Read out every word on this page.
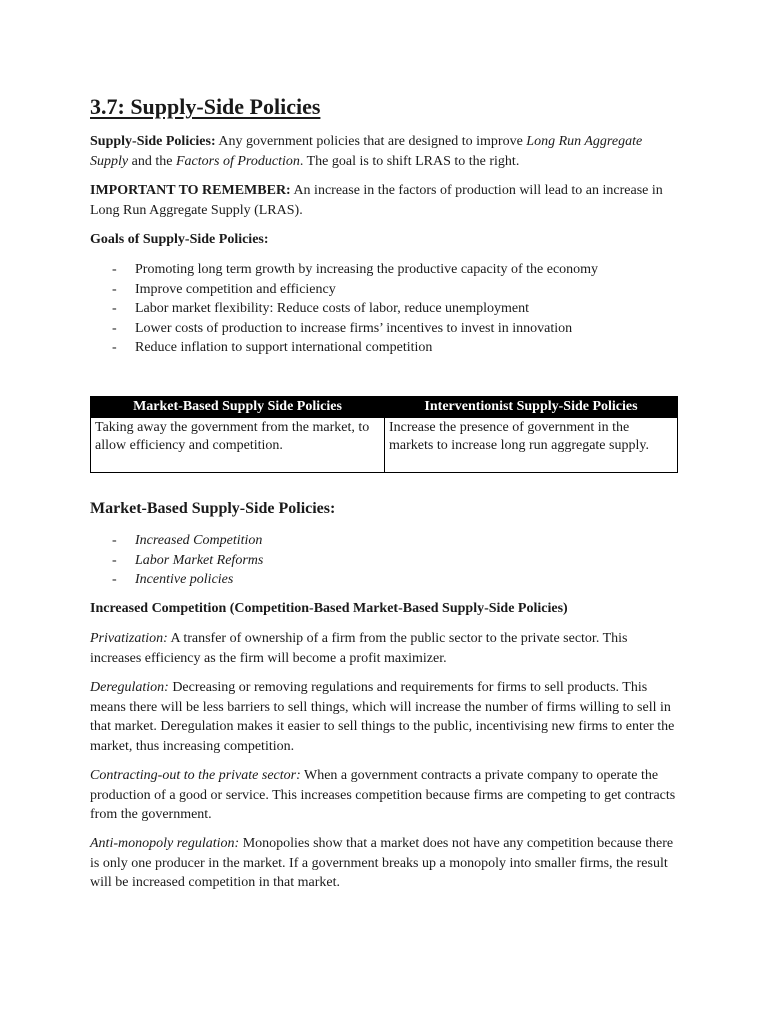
3.7: Supply-Side Policies

Supply-Side Policies: Any government policies that are designed to improve Long Run Aggregate Supply and the Factors of Production. The goal is to shift LRAS to the right.

IMPORTANT TO REMEMBER: An increase in the factors of production will lead to an increase in Long Run Aggregate Supply (LRAS).

Goals of Supply-Side Policies:

- Promoting long term growth by increasing the productive capacity of the economy
- Improve competition and efficiency
- Labor market flexibility: Reduce costs of labor, reduce unemployment
- Lower costs of production to increase firms’ incentives to invest in innovation
- Reduce inflation to support international competition
Market-Based Supply Side Policies	Interventionist Supply-Side Policies
Taking away the government from the market, to allow efficiency and competition.	Increase the presence of government in the markets to increase long run aggregate supply.
Market-Based Supply-Side Policies:
- Increased Competition
- Labor Market Reforms
- Incentive policies

Increased Competition (Competition-Based Market-Based Supply-Side Policies)

Privatization: A transfer of ownership of a firm from the public sector to the private sector. This increases efficiency as the firm will become a profit maximizer.

Deregulation: Decreasing or removing regulations and requirements for firms to sell products. This means there will be less barriers to sell things, which will increase the number of firms willing to sell in that market. Deregulation makes it easier to sell things to the public, incentivising new firms to enter the market, thus increasing competition.

Contracting-out to the private sector: When a government contracts a private company to operate the production of a good or service. This increases competition because firms are competing to get contracts from the government.

Anti-monopoly regulation: Monopolies show that a market does not have any competition because there is only one producer in the market. If a government breaks up a monopoly into smaller firms, the result will be increased competition in that market.
